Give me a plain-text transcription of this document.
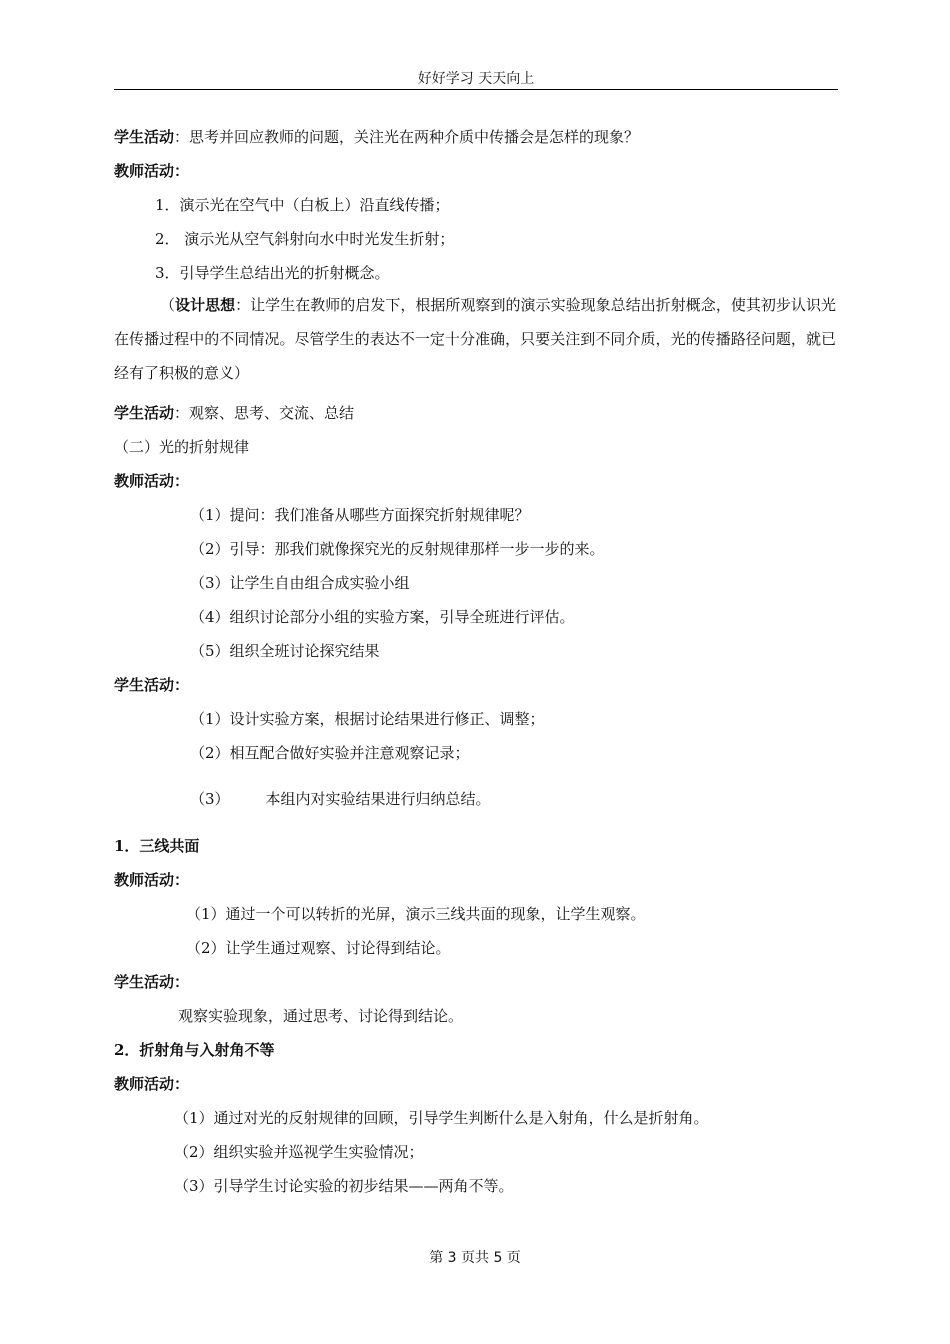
好好学习 天天向上
学生活动：思考并回应教师的问题，关注光在两种介质中传播会是怎样的现象？
教师活动：
1．演示光在空气中（白板上）沿直线传播；
2． 演示光从空气斜射向水中时光发生折射；
3．引导学生总结出光的折射概念。
（设计思想：让学生在教师的启发下，根据所观察到的演示实验现象总结出折射概念，使其初步认识光在传播过程中的不同情况。尽管学生的表达不一定十分准确，只要关注到不同介质，光的传播路径问题，就已经有了积极的意义）
学生活动：观察、思考、交流、总结
（二）光的折射规律
教师活动：
（1）提问：我们准备从哪些方面探究折射规律呢？
（2）引导：那我们就像探究光的反射规律那样一步一步的来。
（3）让学生自由组合成实验小组
（4）组织讨论部分小组的实验方案，引导全班进行评估。
（5）组织全班讨论探究结果
学生活动：
（1）设计实验方案，根据讨论结果进行修正、调整；
（2）相互配合做好实验并注意观察记录；
（3） 本组内对实验结果进行归纳总结。
1．三线共面
教师活动：
（1）通过一个可以转折的光屏，演示三线共面的现象，让学生观察。
（2）让学生通过观察、讨论得到结论。
学生活动：
观察实验现象，通过思考、讨论得到结论。
2．折射角与入射角不等
教师活动：
（1）通过对光的反射规律的回顾，引导学生判断什么是入射角，什么是折射角。
（2）组织实验并巡视学生实验情况；
（3）引导学生讨论实验的初步结果——两角不等。
第 3 页共 5 页
